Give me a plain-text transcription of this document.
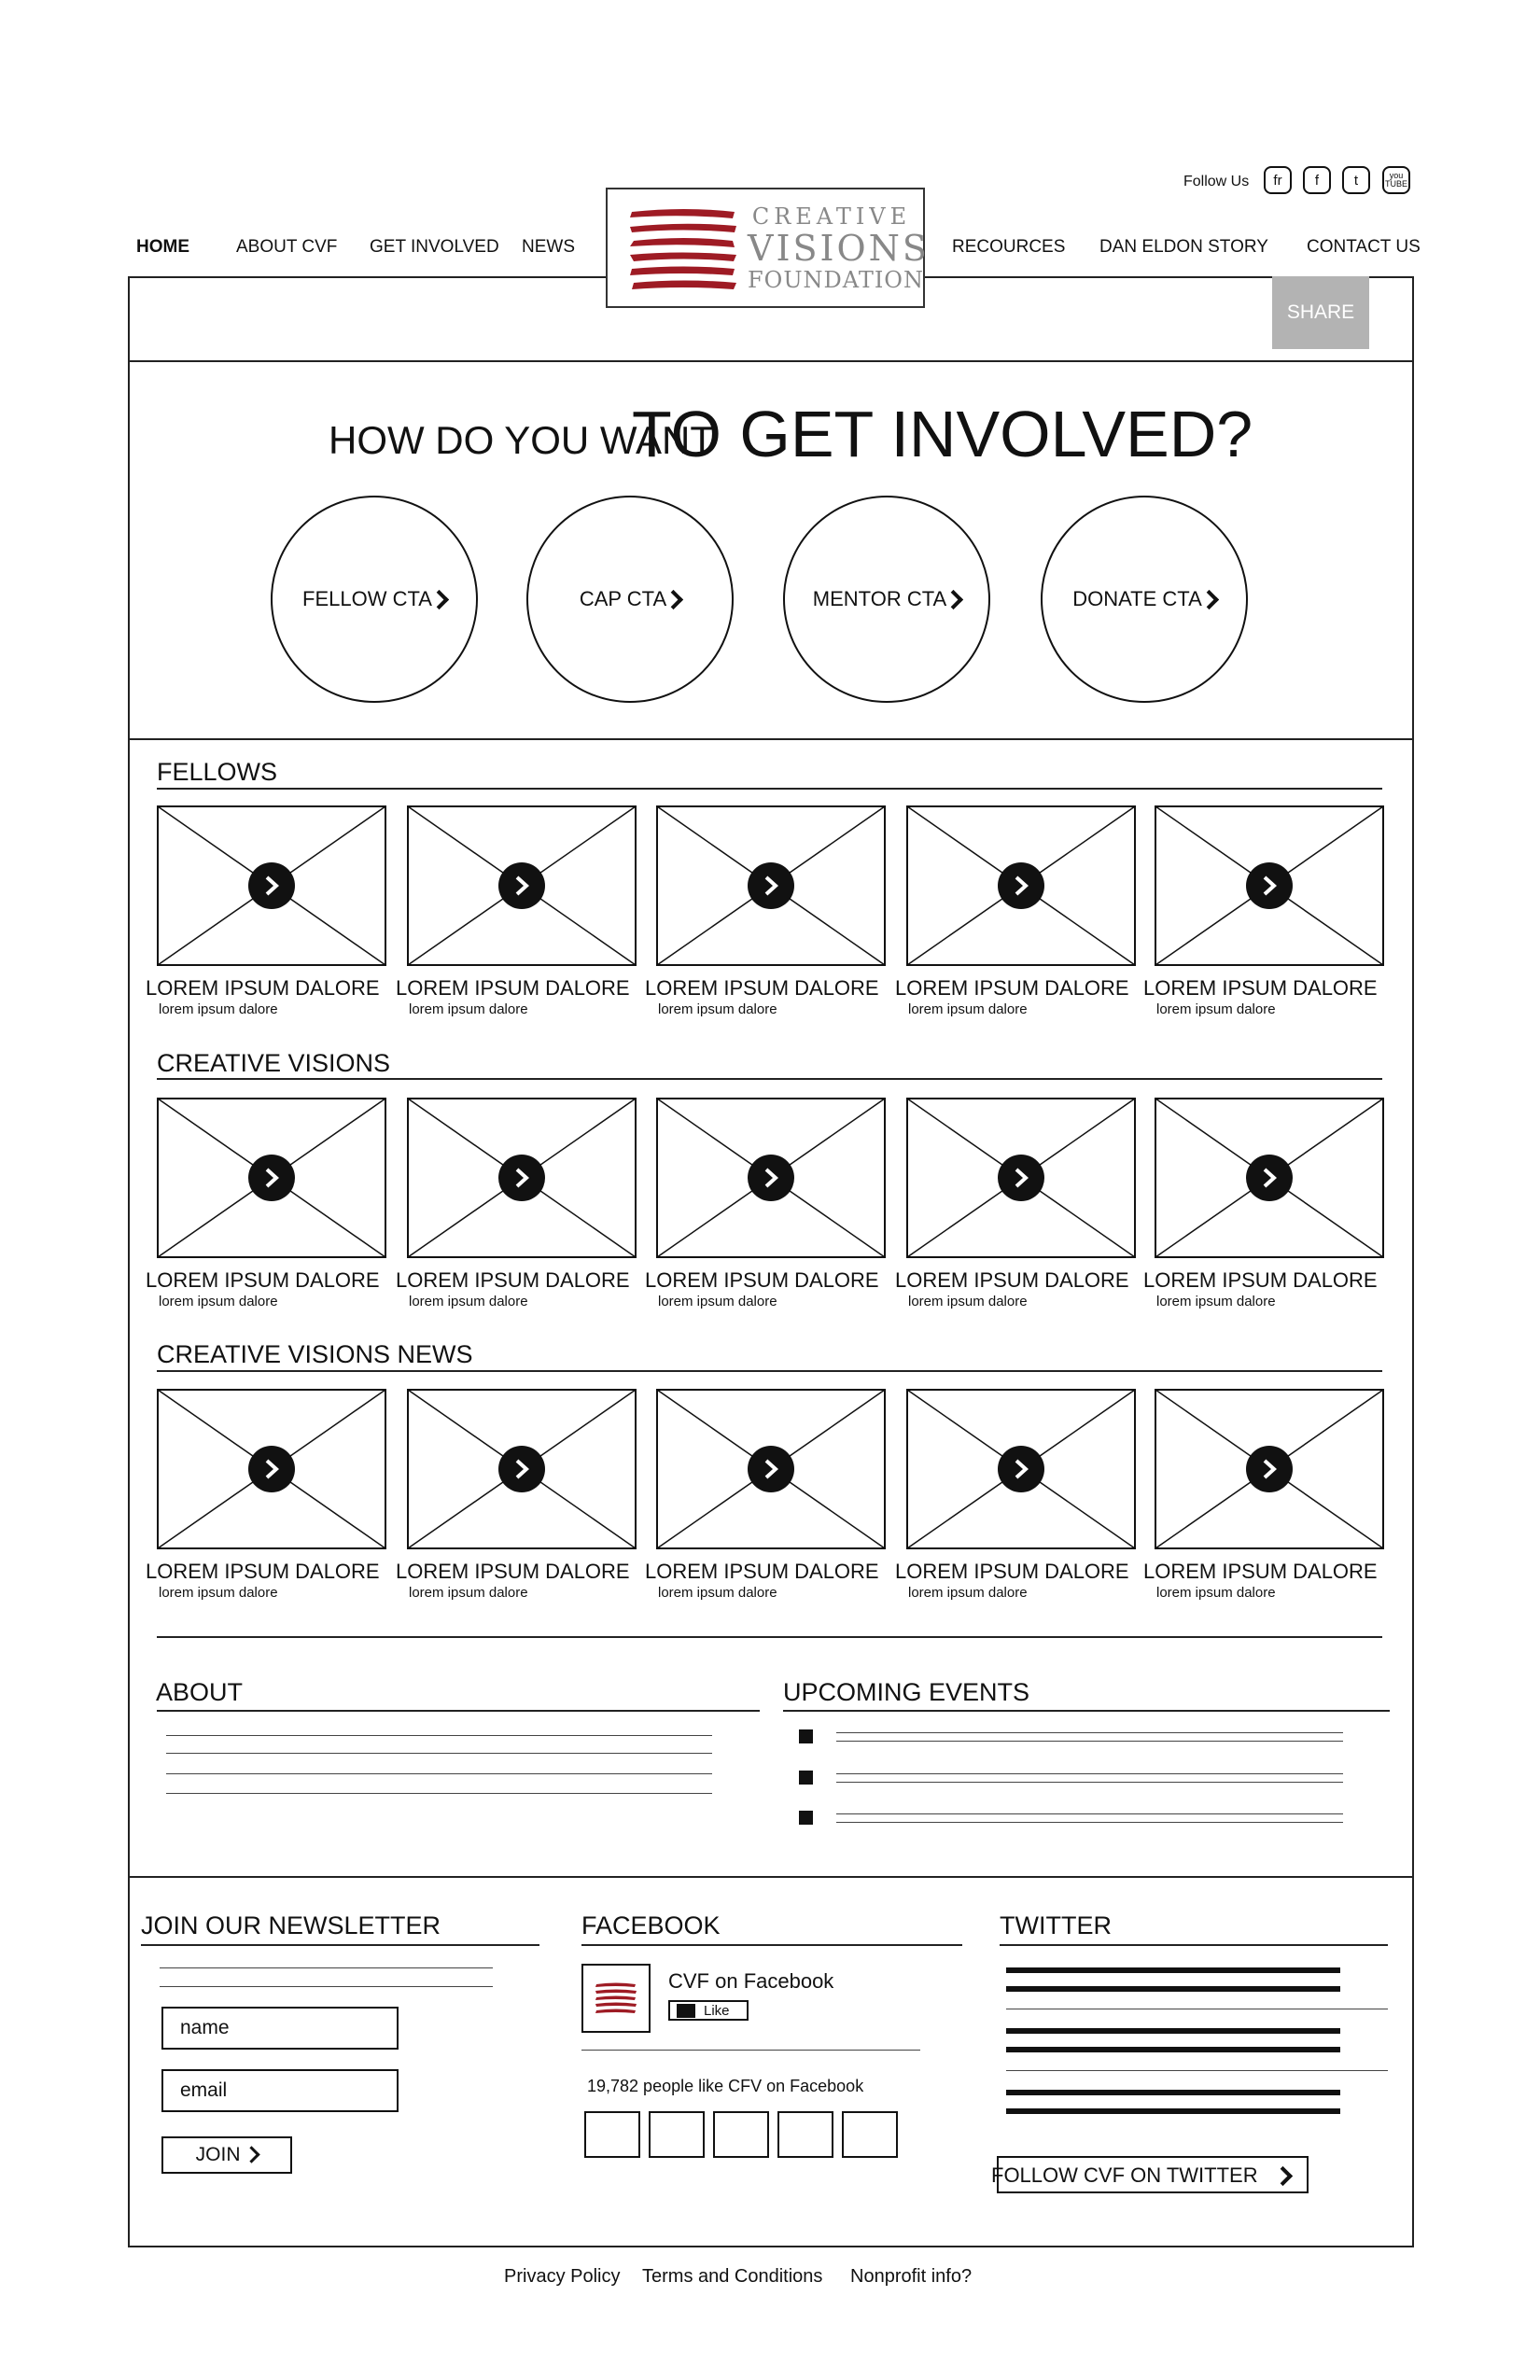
Follow Us	fr	f	t	you TUBE
HOME	ABOUT CVF GET INVOLVED NEWS	RECOURCES DAN ELDON STORY CONTACT US
CREATIVE
VISIONS
FOUNDATION
SHARE
HOW DO YOU WANT
TO GET INVOLVED?
FELLOW CTA	CAP CTA	MENTOR CTA	DONATE CTA
FELLOWS
LOREM IPSUM DALORE
lorem ipsum dalore
LOREM IPSUM DALORE
lorem ipsum dalore
LOREM IPSUM DALORE
lorem ipsum dalore
LOREM IPSUM DALORE
lorem ipsum dalore
LOREM IPSUM DALORE
lorem ipsum dalore
CREATIVE VISIONS
LOREM IPSUM DALORE
lorem ipsum dalore
LOREM IPSUM DALORE
lorem ipsum dalore
LOREM IPSUM DALORE
lorem ipsum dalore
LOREM IPSUM DALORE
lorem ipsum dalore
LOREM IPSUM DALORE
lorem ipsum dalore
CREATIVE VISIONS NEWS
LOREM IPSUM DALORE
lorem ipsum dalore
LOREM IPSUM DALORE
lorem ipsum dalore
LOREM IPSUM DALORE
lorem ipsum dalore
LOREM IPSUM DALORE
lorem ipsum dalore
LOREM IPSUM DALORE
lorem ipsum dalore
ABOUT	UPCOMING EVENTS
JOIN OUR NEWSLETTER
name
email
JOIN
FACEBOOK
CVF on Facebook
Like
19,782 people like CFV on Facebook
TWITTER
FOLLOW CVF ON TWITTER
Privacy Policy Terms and Conditions Nonprofit info?
